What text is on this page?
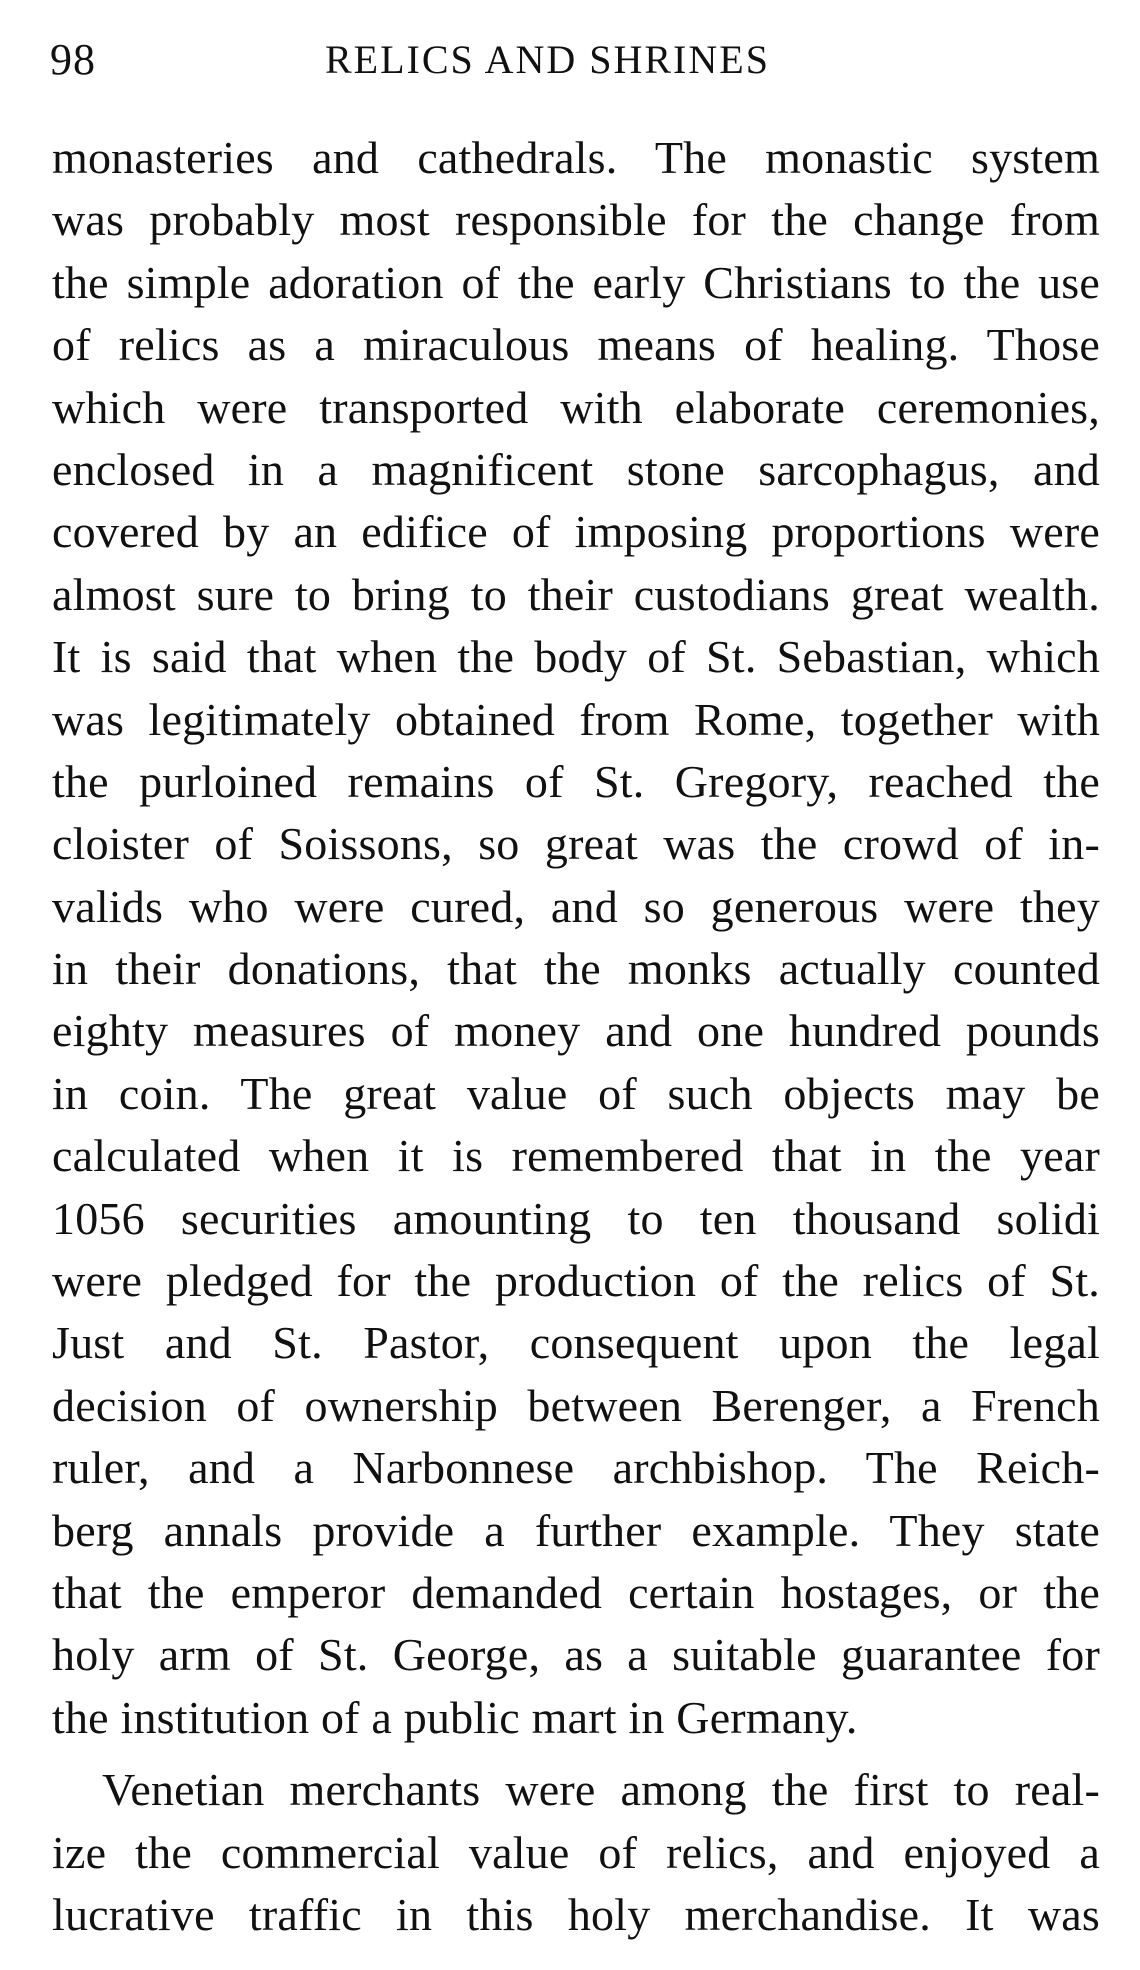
98	RELICS AND SHRINES

monasteries and cathedrals. The monastic system
was probably most responsible for the change from
the simple adoration of the early Christians to the use
of relics as a miraculous means of healing. Those
which were transported with elaborate ceremonies,
enclosed in a magnificent stone sarcophagus, and
covered by an edifice of imposing proportions were
almost sure to bring to their custodians great wealth.
It is said that when the body of St. Sebastian, which
was legitimately obtained from Rome, together with
the purloined remains of St. Gregory, reached the
cloister of Soissons, so great was the crowd of in-
valids who were cured, and so generous were they
in their donations, that the monks actually counted
eighty measures of money and one hundred pounds
in coin. The great value of such objects may be
calculated when it is remembered that in the year
1056 securities amounting to ten thousand solidi
were pledged for the production of the relics of St.
Just and St. Pastor, consequent upon the legal
decision of ownership between Berenger, a French
ruler, and a Narbonnese archbishop. The Reich-
berg annals provide a further example. They state
that the emperor demanded certain hostages, or the
holy arm of St. George, as a suitable guarantee for
the institution of a public mart in Germany.

Venetian merchants were among the first to real-
ize the commercial value of relics, and enjoyed a
lucrative traffic in this holy merchandise. It was
